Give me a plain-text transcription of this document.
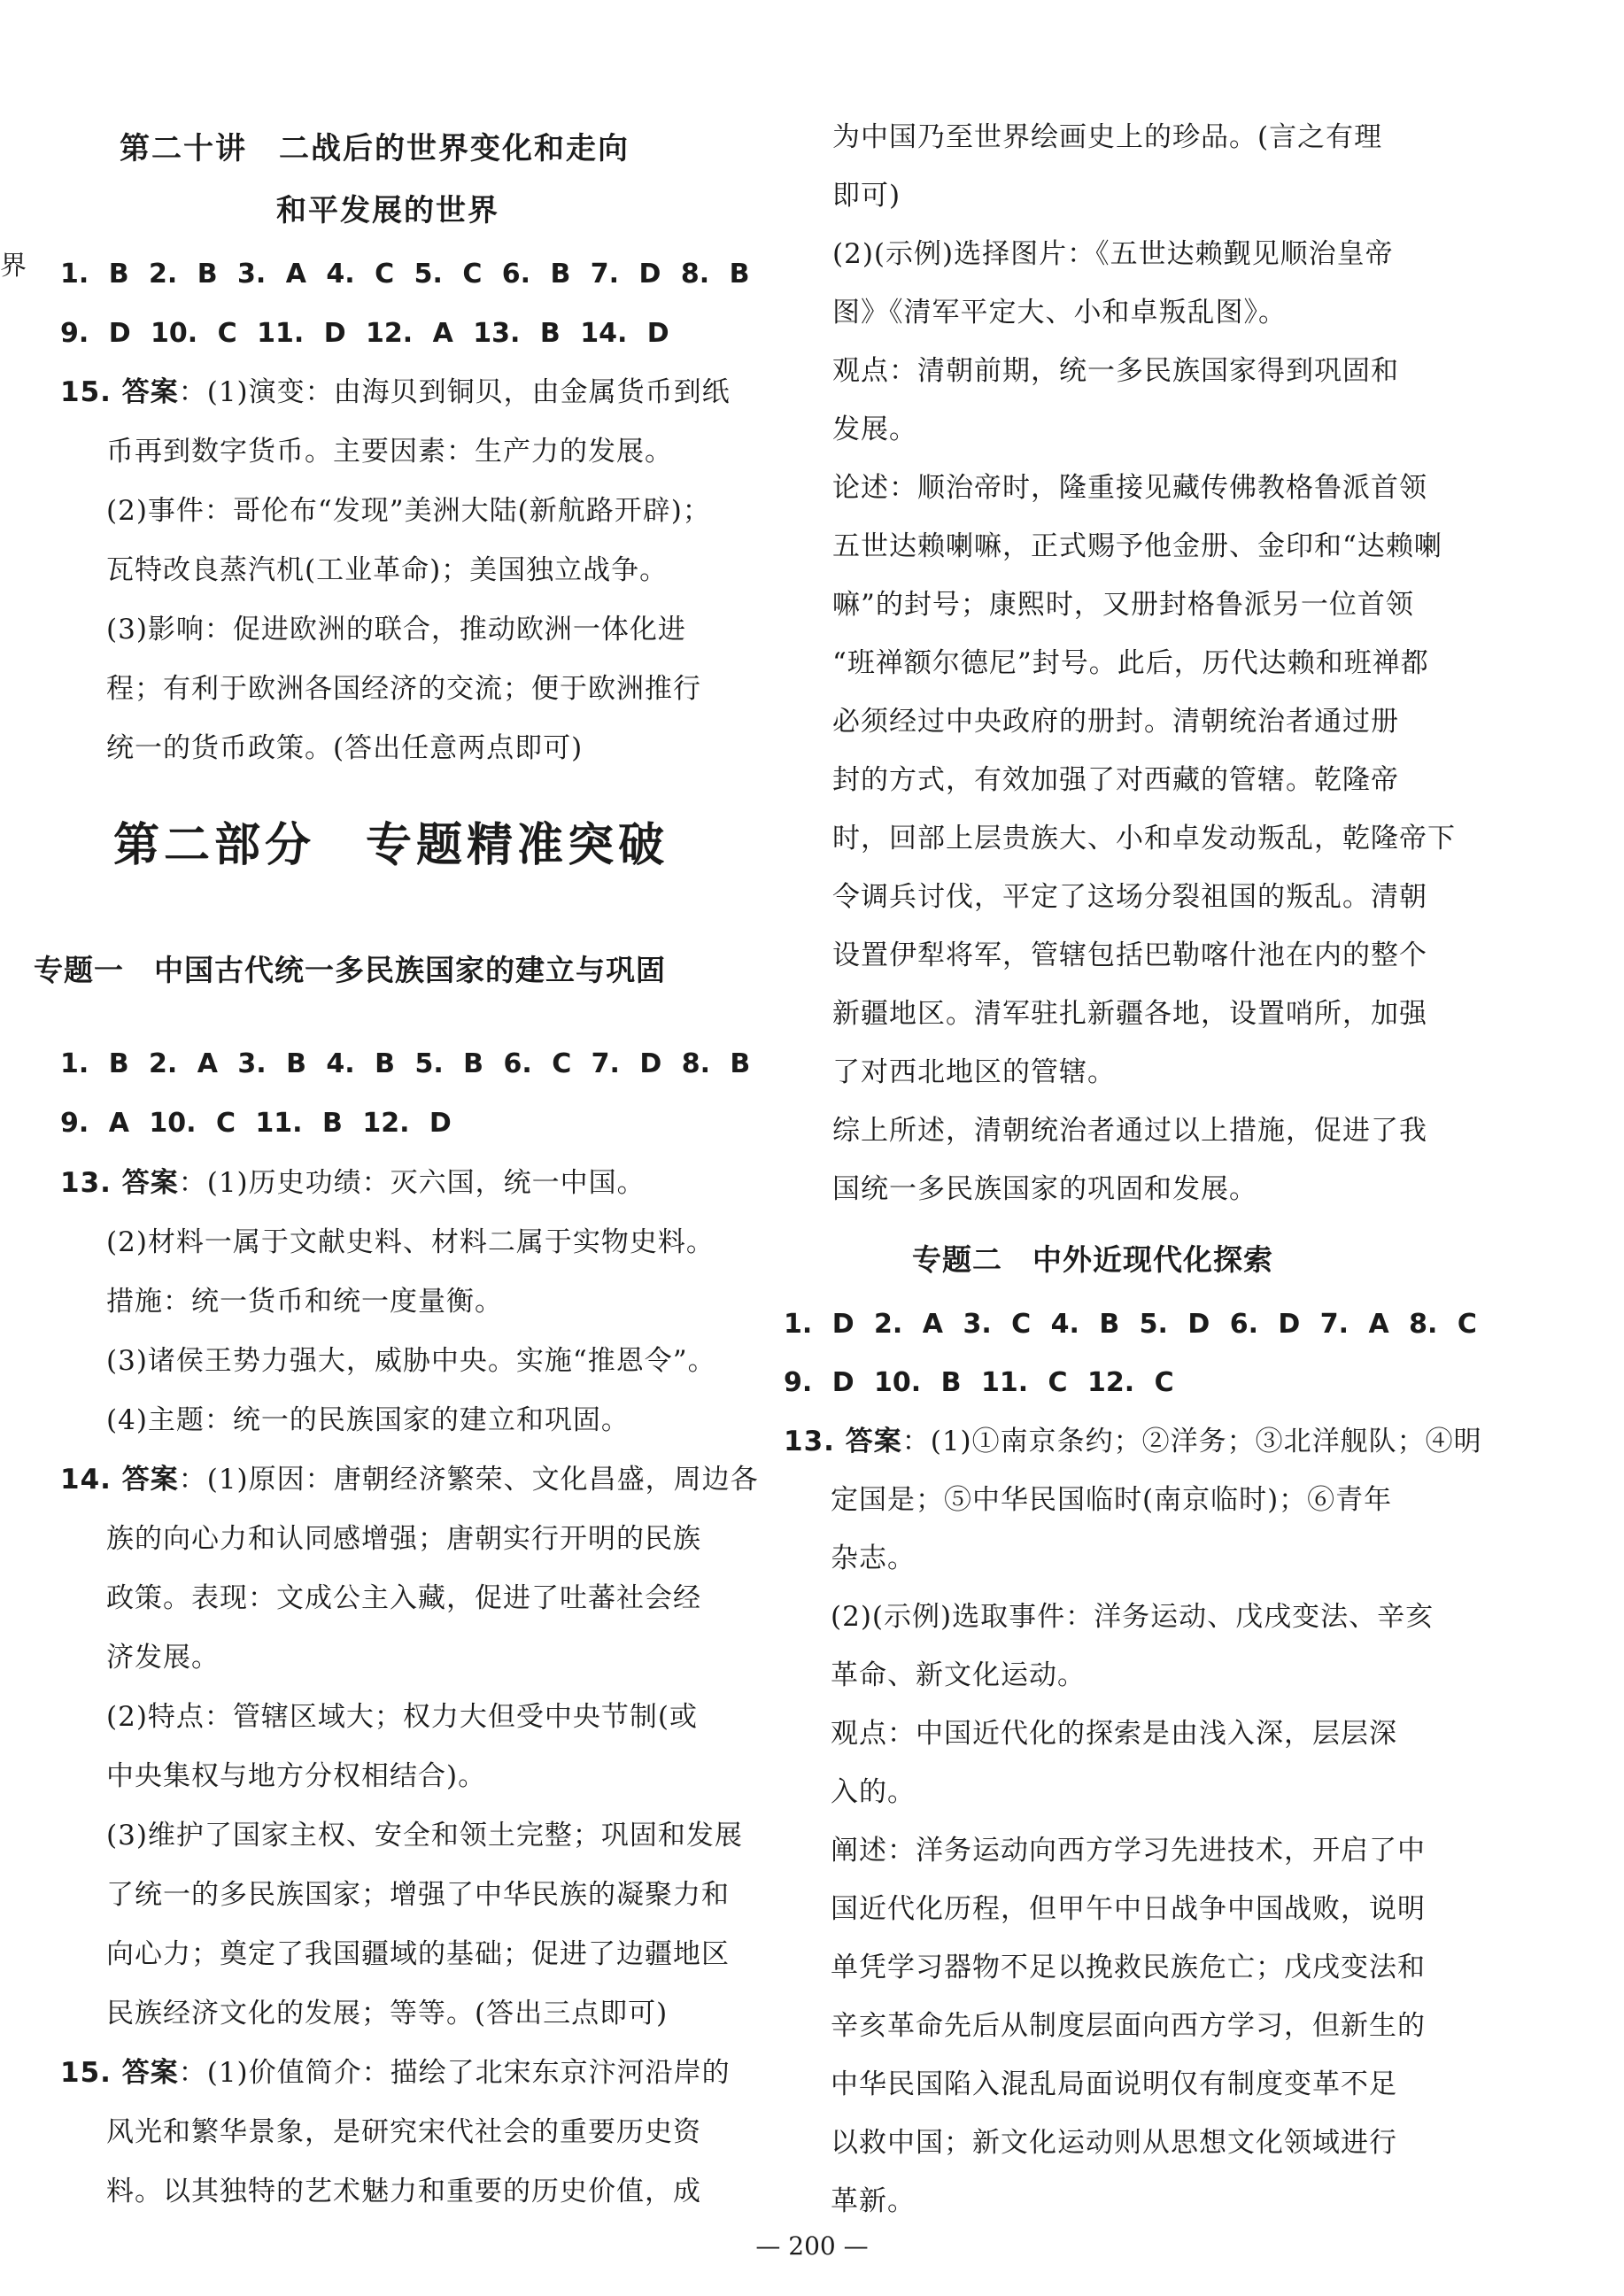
界
第二十讲　二战后的世界变化和走向
和平发展的世界
1. B 2. B 3. A 4. C 5. C 6. B 7. D 8. B
9. D 10. C 11. D 12. A 13. B 14. D
15. 答案：(1)演变：由海贝到铜贝，由金属货币到纸
币再到数字货币。主要因素：生产力的发展。
(2)事件：哥伦布“发现”美洲大陆(新航路开辟)；
瓦特改良蒸汽机(工业革命)；美国独立战争。
(3)影响：促进欧洲的联合，推动欧洲一体化进
程；有利于欧洲各国经济的交流；便于欧洲推行
统一的货币政策。(答出任意两点即可)
第二部分　专题精准突破
专题一　中国古代统一多民族国家的建立与巩固
1. B 2. A 3. B 4. B 5. B 6. C 7. D 8. B
9. A 10. C 11. B 12. D
13. 答案：(1)历史功绩：灭六国，统一中国。
(2)材料一属于文献史料、材料二属于实物史料。
措施：统一货币和统一度量衡。
(3)诸侯王势力强大，威胁中央。实施“推恩令”。
(4)主题：统一的民族国家的建立和巩固。
14. 答案：(1)原因：唐朝经济繁荣、文化昌盛，周边各
族的向心力和认同感增强；唐朝实行开明的民族
政策。表现：文成公主入藏，促进了吐蕃社会经
济发展。
(2)特点：管辖区域大；权力大但受中央节制(或
中央集权与地方分权相结合)。
(3)维护了国家主权、安全和领土完整；巩固和发展
了统一的多民族国家；增强了中华民族的凝聚力和
向心力；奠定了我国疆域的基础；促进了边疆地区
民族经济文化的发展；等等。(答出三点即可)
15. 答案：(1)价值简介：描绘了北宋东京汴河沿岸的
风光和繁华景象，是研究宋代社会的重要历史资
料。以其独特的艺术魅力和重要的历史价值，成
为中国乃至世界绘画史上的珍品。(言之有理
即可)
(2)(示例)选择图片：《五世达赖觐见顺治皇帝
图》《清军平定大、小和卓叛乱图》。
观点：清朝前期，统一多民族国家得到巩固和
发展。
论述：顺治帝时，隆重接见藏传佛教格鲁派首领
五世达赖喇嘛，正式赐予他金册、金印和“达赖喇
嘛”的封号；康熙时，又册封格鲁派另一位首领
“班禅额尔德尼”封号。此后，历代达赖和班禅都
必须经过中央政府的册封。清朝统治者通过册
封的方式，有效加强了对西藏的管辖。乾隆帝
时，回部上层贵族大、小和卓发动叛乱，乾隆帝下
令调兵讨伐，平定了这场分裂祖国的叛乱。清朝
设置伊犁将军，管辖包括巴勒喀什池在内的整个
新疆地区。清军驻扎新疆各地，设置哨所，加强
了对西北地区的管辖。
综上所述，清朝统治者通过以上措施，促进了我
国统一多民族国家的巩固和发展。
专题二　中外近现代化探索
1. D 2. A 3. C 4. B 5. D 6. D 7. A 8. C
9. D 10. B 11. C 12. C
13. 答案：(1)①南京条约；②洋务；③北洋舰队；④明
定国是；⑤中华民国临时(南京临时)；⑥青年
杂志。
(2)(示例)选取事件：洋务运动、戊戌变法、辛亥
革命、新文化运动。
观点：中国近代化的探索是由浅入深，层层深
入的。
阐述：洋务运动向西方学习先进技术，开启了中
国近代化历程，但甲午中日战争中国战败，说明
单凭学习器物不足以挽救民族危亡；戊戌变法和
辛亥革命先后从制度层面向西方学习，但新生的
中华民国陷入混乱局面说明仅有制度变革不足
以救中国；新文化运动则从思想文化领域进行
革新。
— 200 —
